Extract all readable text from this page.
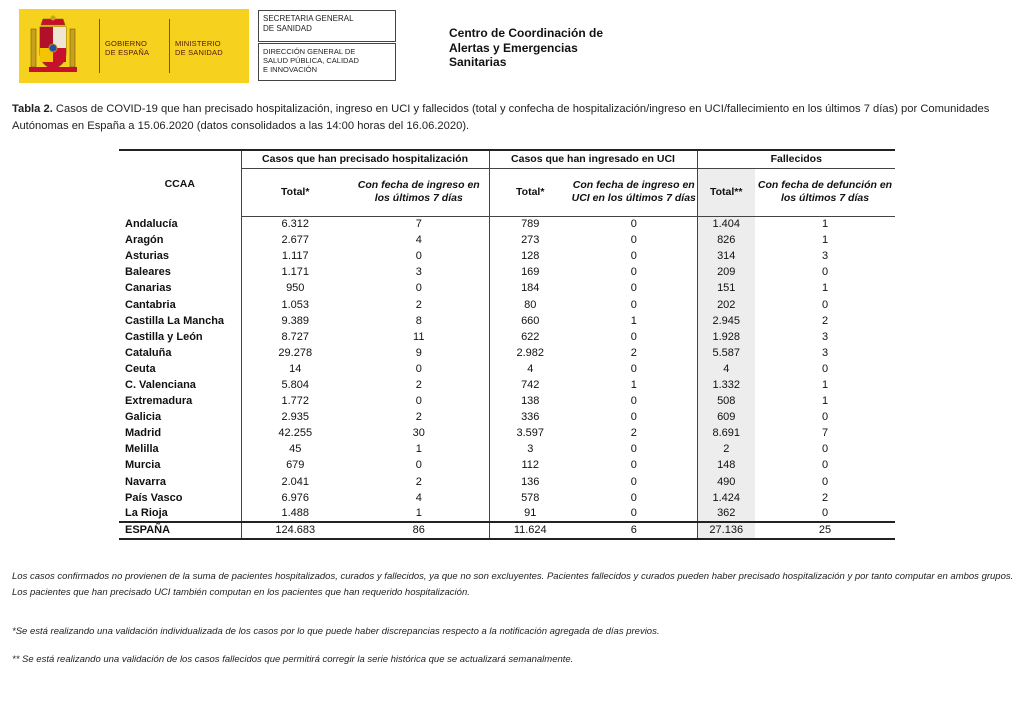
GOBIERNO
DE ESPAÑA
MINISTERIO
DE SANIDAD
SECRETARIA GENERAL
DE SANIDAD
DIRECCIÓN GENERAL DE
SALUD PÚBLICA, CALIDAD
E INNOVACIÓN
Centro de Coordinación de
Alertas y Emergencias
Sanitarias
Tabla 2. Casos de COVID-19 que han precisado hospitalización, ingreso en UCI y fallecidos (total y confecha de hospitalización/ingreso en UCI/fallecimiento en los últimos 7 días) por Comunidades Autónomas en España a 15.06.2020 (datos consolidados a las 14:00 horas del 16.06.2020).
CCAA	Casos que han precisado hospitalización		Casos que han ingresado en UCI		Fallecidos	
	Total*	Con fecha de ingreso en los últimos 7 días	Total*	Con fecha de ingreso en UCI en los últimos 7 días	Total**	Con fecha de defunción en los últimos 7 días
Andalucía	6.312	7	789	0	1.404	1
Aragón	2.677	4	273	0	826	1
Asturias	1.117	0	128	0	314	3
Baleares	1.171	3	169	0	209	0
Canarias	950	0	184	0	151	1
Cantabria	1.053	2	80	0	202	0
Castilla La Mancha	9.389	8	660	1	2.945	2
Castilla y León	8.727	11	622	0	1.928	3
Cataluña	29.278	9	2.982	2	5.587	3
Ceuta	14	0	4	0	4	0
C. Valenciana	5.804	2	742	1	1.332	1
Extremadura	1.772	0	138	0	508	1
Galicia	2.935	2	336	0	609	0
Madrid	42.255	30	3.597	2	8.691	7
Melilla	45	1	3	0	2	0
Murcia	679	0	112	0	148	0
Navarra	2.041	2	136	0	490	0
País Vasco	6.976	4	578	0	1.424	2
La Rioja	1.488	1	91	0	362	0
ESPAÑA	124.683	86	11.624	6	27.136	25
Los casos confirmados no provienen de la suma de pacientes hospitalizados, curados y fallecidos, ya que no son excluyentes. Pacientes fallecidos y curados pueden haber precisado hospitalización y por tanto computar en ambos grupos. Los pacientes que han precisado UCI también computan en los pacientes que han requerido hospitalización.
*Se está realizando una validación individualizada de los casos por lo que puede haber discrepancias respecto a la notificación agregada de días previos.
** Se está realizando una validación de los casos fallecidos que permitirá corregir la serie histórica que se actualizará semanalmente.
